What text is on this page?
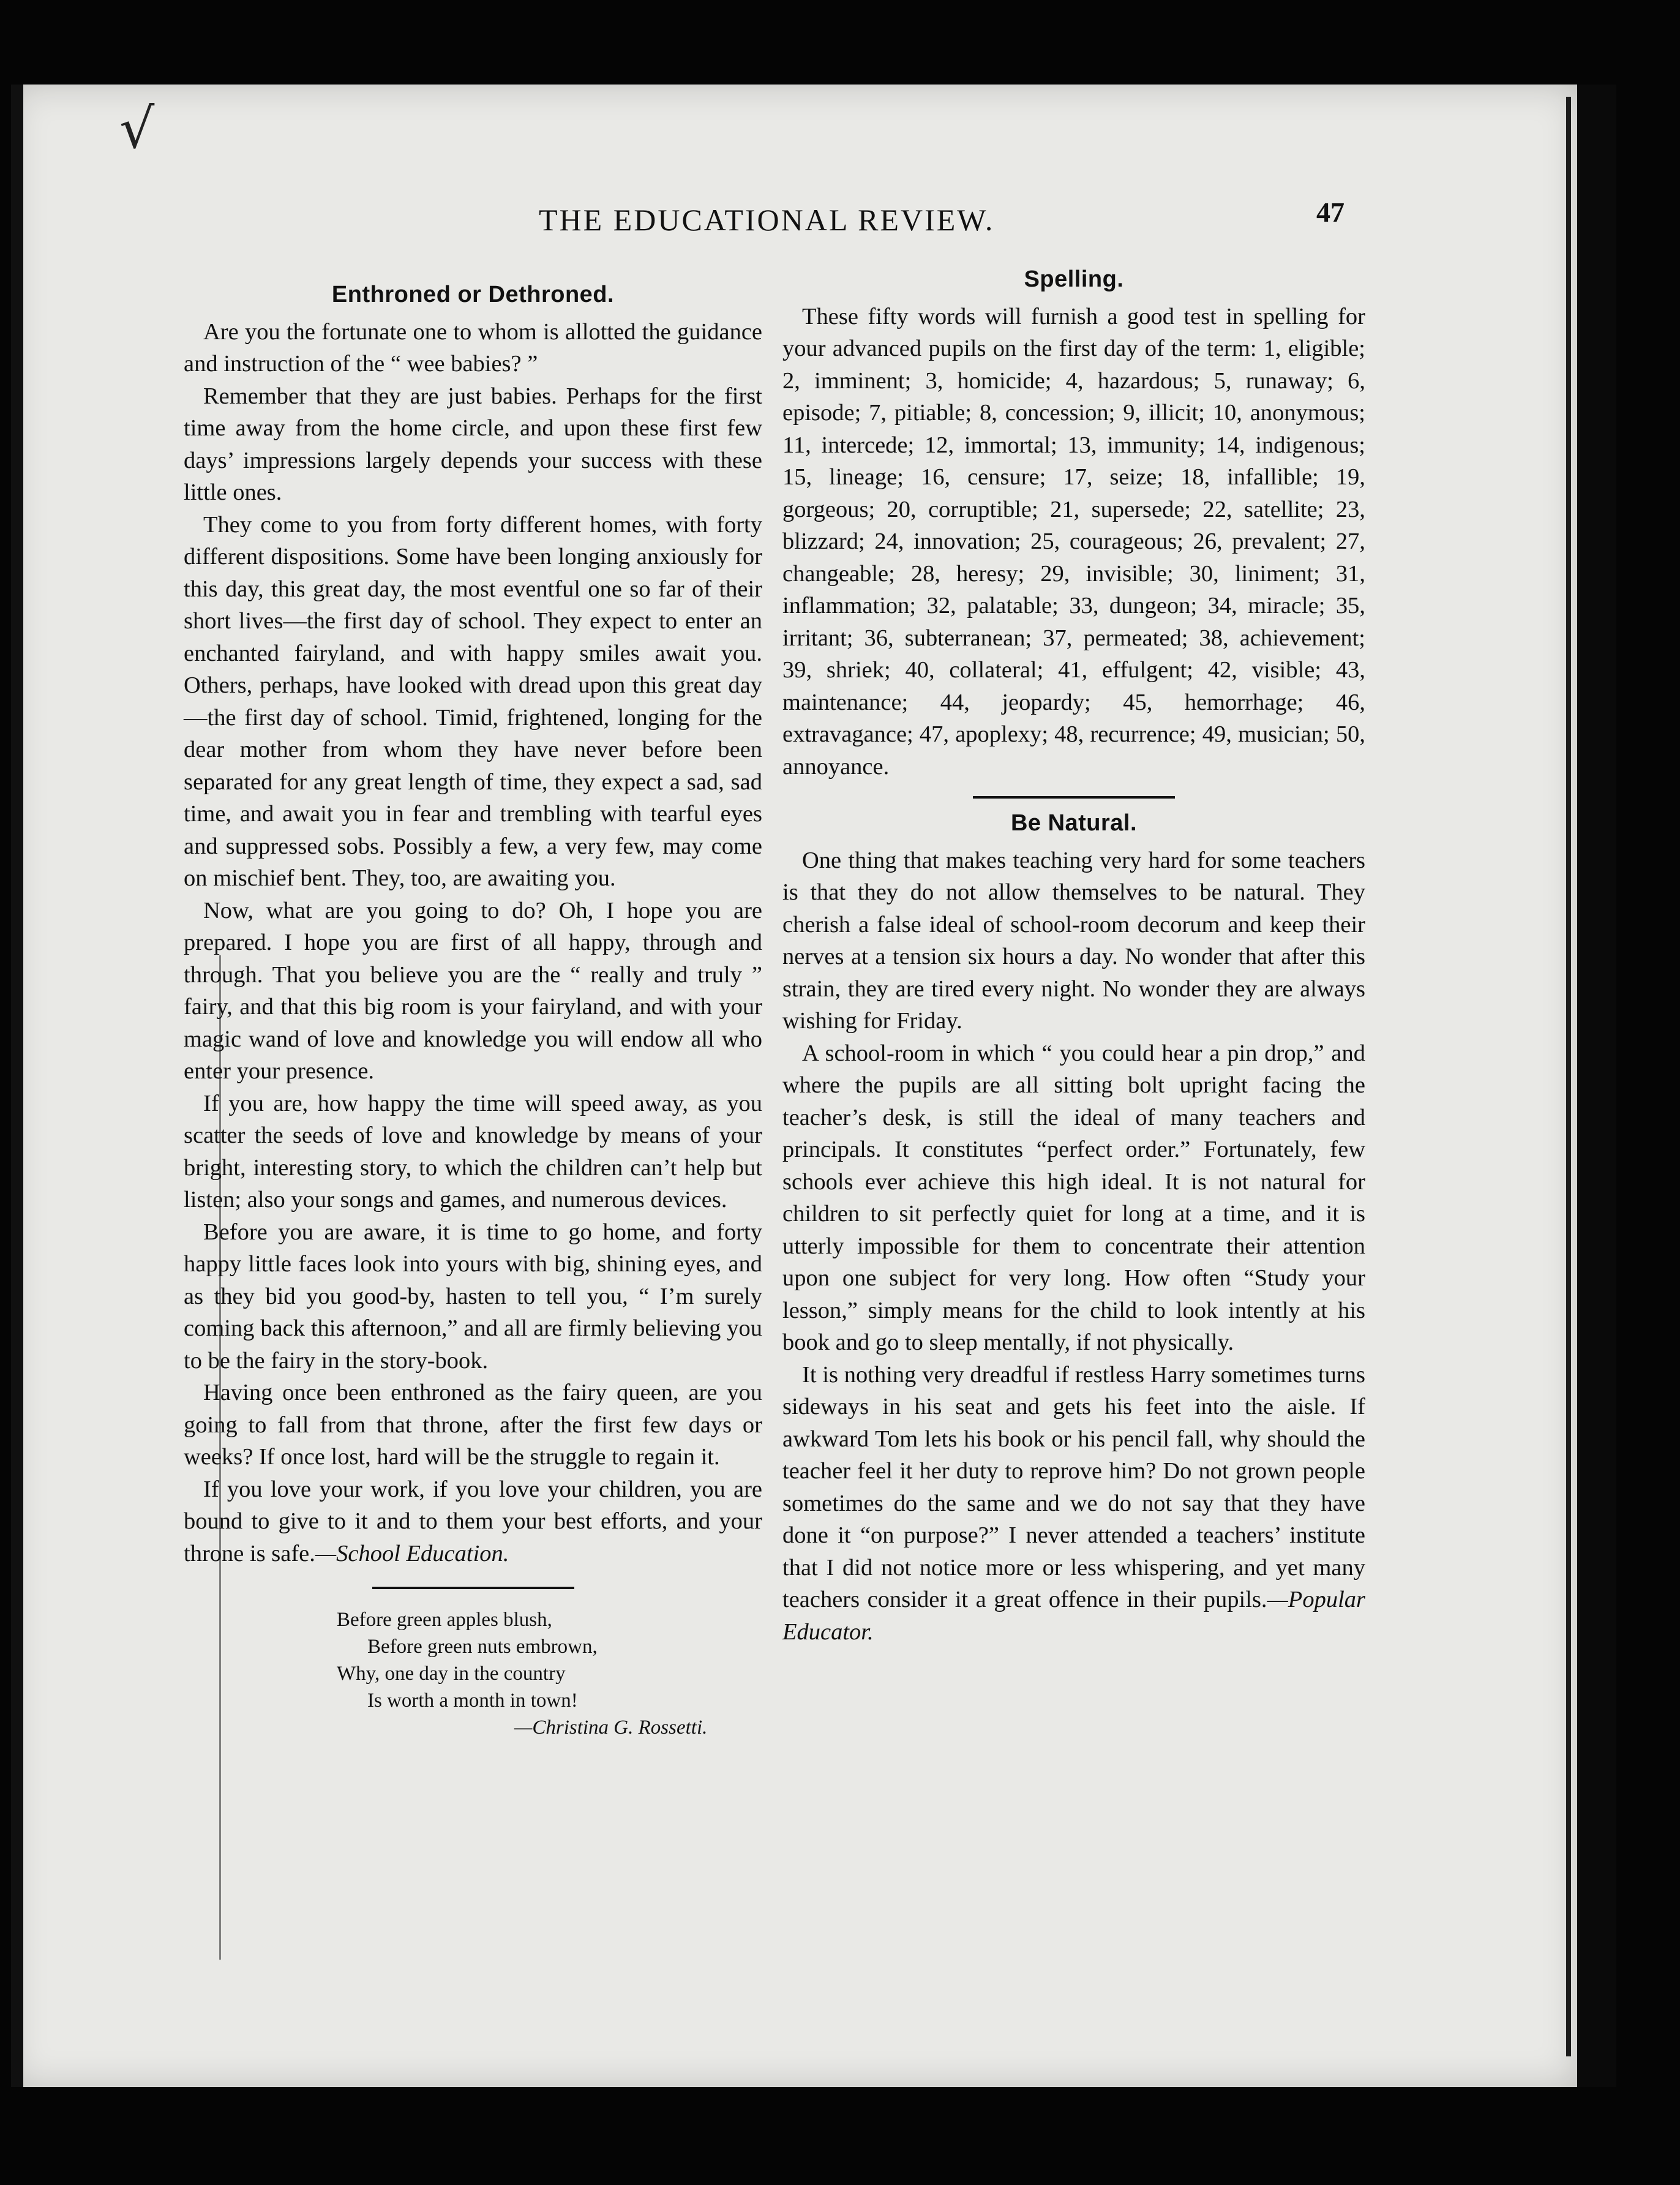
√
THE EDUCATIONAL REVIEW.	47
Enthroned or Dethroned.

Are you the fortunate one to whom is allotted the guidance and instruction of the “ wee babies? ”

Remember that they are just babies. Perhaps for the first time away from the home circle, and upon these first few days’ impressions largely depends your success with these little ones.

They come to you from forty different homes, with forty different dispositions. Some have been longing anxiously for this day, this great day, the most eventful one so far of their short lives—the first day of school. They expect to enter an enchanted fairyland, and with happy smiles await you. Others, perhaps, have looked with dread upon this great day—the first day of school. Timid, frightened, longing for the dear mother from whom they have never before been separated for any great length of time, they expect a sad, sad time, and await you in fear and trembling with tearful eyes and suppressed sobs. Possibly a few, a very few, may come on mischief bent. They, too, are awaiting you.

Now, what are you going to do? Oh, I hope you are prepared. I hope you are first of all happy, through and through. That you believe you are the “ really and truly ” fairy, and that this big room is your fairyland, and with your magic wand of love and knowledge you will endow all who enter your presence.

If you are, how happy the time will speed away, as you scatter the seeds of love and knowledge by means of your bright, interesting story, to which the children can’t help but listen; also your songs and games, and numerous devices.

Before you are aware, it is time to go home, and forty happy little faces look into yours with big, shining eyes, and as they bid you good-by, hasten to tell you, “ I’m surely coming back this afternoon,” and all are firmly believing you to be the fairy in the story-book.

Having once been enthroned as the fairy queen, are you going to fall from that throne, after the first few days or weeks? If once lost, hard will be the struggle to regain it.

If you love your work, if you love your children, you are bound to give to it and to them your best efforts, and your throne is safe.—School Education.

Before green apples blush,
Before green nuts embrown,
Why, one day in the country
Is worth a month in town!
—Christina G. Rossetti.
Spelling.

These fifty words will furnish a good test in spelling for your advanced pupils on the first day of the term: 1, eligible; 2, imminent; 3, homicide; 4, hazardous; 5, runaway; 6, episode; 7, pitiable; 8, concession; 9, illicit; 10, anonymous; 11, intercede; 12, immortal; 13, immunity; 14, indigenous; 15, lineage; 16, censure; 17, seize; 18, infallible; 19, gorgeous; 20, corruptible; 21, supersede; 22, satellite; 23, blizzard; 24, innovation; 25, courageous; 26, prevalent; 27, changeable; 28, heresy; 29, invisible; 30, liniment; 31, inflammation; 32, palatable; 33, dungeon; 34, miracle; 35, irritant; 36, subterranean; 37, permeated; 38, achievement; 39, shriek; 40, collateral; 41, effulgent; 42, visible; 43, maintenance; 44, jeopardy; 45, hemorrhage; 46, extravagance; 47, apoplexy; 48, recurrence; 49, musician; 50, annoyance.

Be Natural.

One thing that makes teaching very hard for some teachers is that they do not allow themselves to be natural. They cherish a false ideal of school-room decorum and keep their nerves at a tension six hours a day. No wonder that after this strain, they are tired every night. No wonder they are always wishing for Friday.

A school-room in which “ you could hear a pin drop,” and where the pupils are all sitting bolt upright facing the teacher’s desk, is still the ideal of many teachers and principals. It constitutes “perfect order.” Fortunately, few schools ever achieve this high ideal. It is not natural for children to sit perfectly quiet for long at a time, and it is utterly impossible for them to concentrate their attention upon one subject for very long. How often “Study your lesson,” simply means for the child to look intently at his book and go to sleep mentally, if not physically.

It is nothing very dreadful if restless Harry sometimes turns sideways in his seat and gets his feet into the aisle. If awkward Tom lets his book or his pencil fall, why should the teacher feel it her duty to reprove him? Do not grown people sometimes do the same and we do not say that they have done it “on purpose?” I never attended a teachers’ institute that I did not notice more or less whispering, and yet many teachers consider it a great offence in their pupils.—Popular Educator.
